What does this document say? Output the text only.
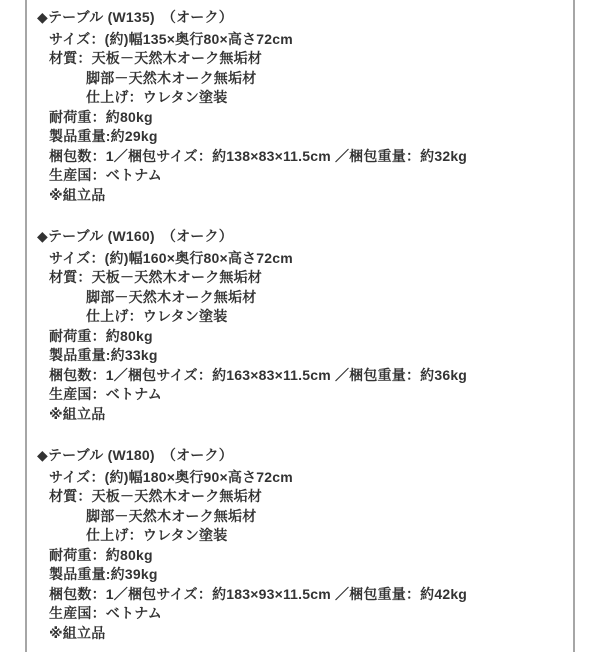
◆テーブル (W135)　（オーク）

サイズ：(約)幅135×奥行80×高さ72cm

材質：天板－天然木オーク無垢材

脚部－天然木オーク無垢材

仕上げ：ウレタン塗装

耐荷重：約80kg

製品重量:約29kg

梱包数：1／梱包サイズ：約138×83×11.5cm ／梱包重量：約32kg

生産国：ベトナム

※組立品

◆テーブル (W160)　（オーク）

サイズ：(約)幅160×奥行80×高さ72cm

材質：天板－天然木オーク無垢材

脚部－天然木オーク無垢材

仕上げ：ウレタン塗装

耐荷重：約80kg

製品重量:約33kg

梱包数：1／梱包サイズ：約163×83×11.5cm ／梱包重量：約36kg

生産国：ベトナム

※組立品

◆テーブル (W180)　（オーク）

サイズ：(約)幅180×奥行90×高さ72cm

材質：天板－天然木オーク無垢材

脚部－天然木オーク無垢材

仕上げ：ウレタン塗装

耐荷重：約80kg

製品重量:約39kg

梱包数：1／梱包サイズ：約183×93×11.5cm ／梱包重量：約42kg

生産国：ベトナム

※組立品
